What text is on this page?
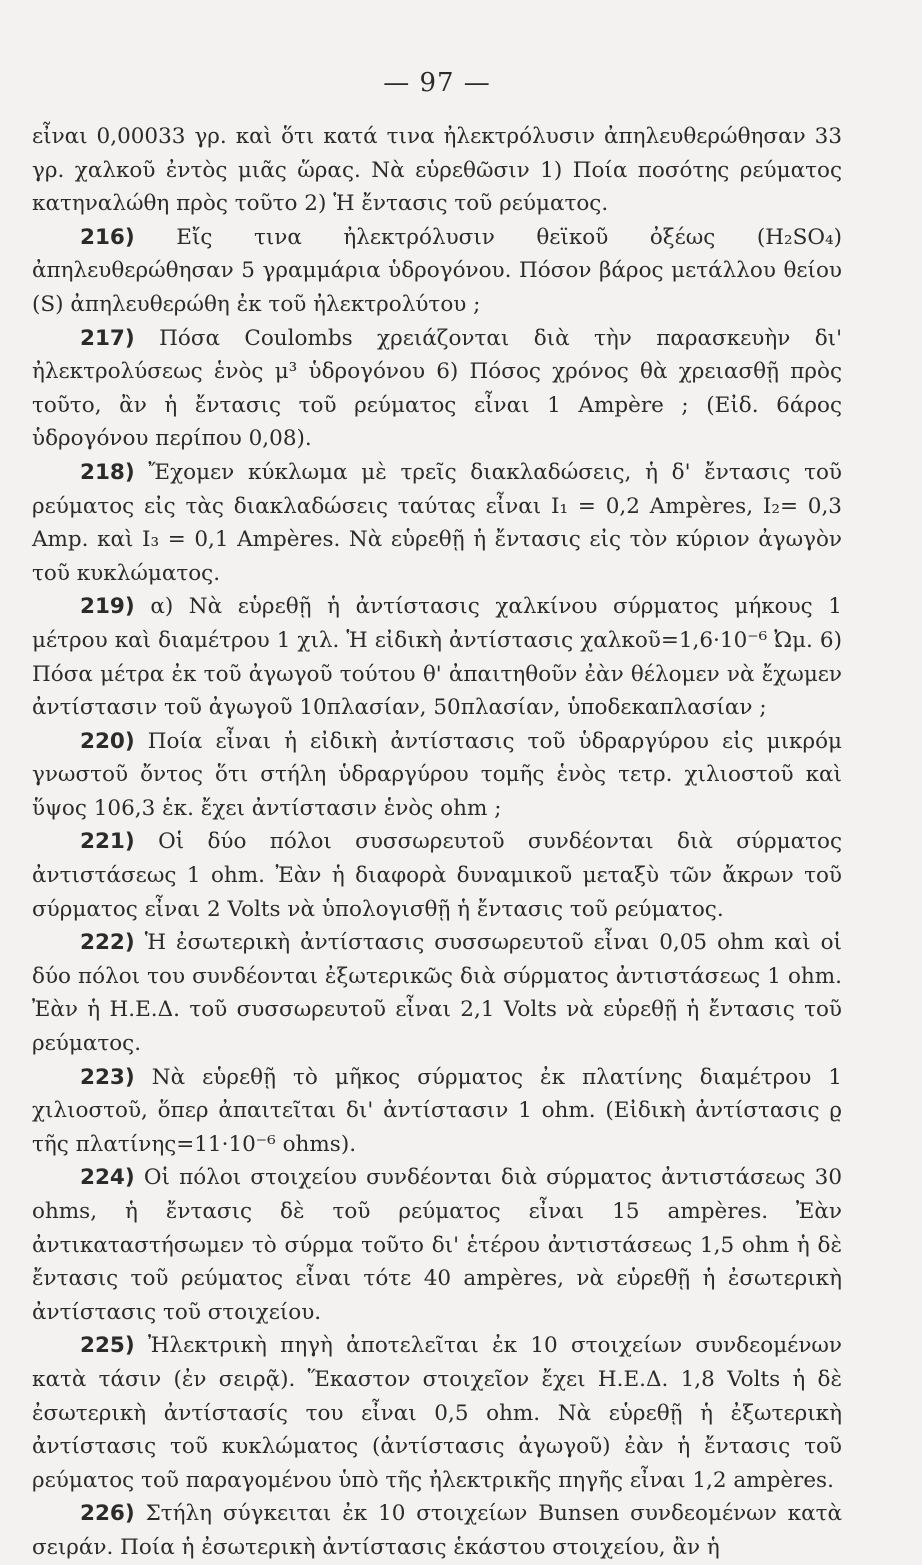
— 97 —

εἶναι 0,00033 γρ. καὶ ὅτι κατά τινα ἠλεκτρόλυσιν ἀπηλευθερώθησαν 33 γρ. χαλκοῦ ἐντὸς μιᾶς ὥρας. Νὰ εὑρεθῶσιν 1) Ποία ποσότης ρεύματος κατηναλώθη πρὸς τοῦτο 2) Ἡ ἔντασις τοῦ ρεύματος.

216) Εἴς τινα ἠλεκτρόλυσιν θεϊκοῦ ὀξέως (H₂SO₄) ἀπηλευθερώθησαν 5 γραμμάρια ὑδρογόνου. Πόσον βάρος μετάλλου θείου (S) ἀπηλευθερώθη ἐκ τοῦ ἠλεκτρολύτου ;

217) Πόσα Coulombs χρειάζονται διὰ τὴν παρασκευὴν δι' ἠλεκτρολύσεως ἑνὸς μ³ ὑδρογόνου 6) Πόσος χρόνος θὰ χρειασθῇ πρὸς τοῦτο, ἂν ἡ ἔντασις τοῦ ρεύματος εἶναι 1 Ampère ; (Εἰδ. 6άρος ὑδρογόνου περίπου 0,08).

218) Ἔχομεν κύκλωμα μὲ τρεῖς διακλαδώσεις, ἡ δ' ἔντασις τοῦ ρεύματος εἰς τὰς διακλαδώσεις ταύτας εἶναι I₁ = 0,2 Ampères, I₂= 0,3 Amp. καὶ I₃ = 0,1 Ampères. Νὰ εὑρεθῇ ἡ ἔντασις εἰς τὸν κύριον ἀγωγὸν τοῦ κυκλώματος.

219) α) Νὰ εὑρεθῇ ἡ ἀντίστασις χαλκίνου σύρματος μήκους 1 μέτρου καὶ διαμέτρου 1 χιλ. Ἡ εἰδικὴ ἀντίστασις χαλκοῦ=1,6·10⁻⁶ Ὠμ. 6) Πόσα μέτρα ἐκ τοῦ ἀγωγοῦ τούτου θ' ἀπαιτηθοῦν ἐὰν θέλομεν νὰ ἔχωμεν ἀντίστασιν τοῦ ἀγωγοῦ 10πλασίαν, 50πλασίαν, ὑποδεκαπλασίαν ;

220) Ποία εἶναι ἡ εἰδικὴ ἀντίστασις τοῦ ὑδραργύρου εἰς μικρόμ γνωστοῦ ὄντος ὅτι στήλη ὑδραργύρου τομῆς ἑνὸς τετρ. χιλιοστοῦ καὶ ὕψος 106,3 ἑκ. ἔχει ἀντίστασιν ἑνὸς ohm ;

221) Οἱ δύο πόλοι συσσωρευτοῦ συνδέονται διὰ σύρματος ἀντιστάσεως 1 ohm. Ἐὰν ἡ διαφορὰ δυναμικοῦ μεταξὺ τῶν ἄκρων τοῦ σύρματος εἶναι 2 Volts νὰ ὑπολογισθῇ ἡ ἔντασις τοῦ ρεύματος.

222) Ἡ ἐσωτερικὴ ἀντίστασις συσσωρευτοῦ εἶναι 0,05 ohm καὶ οἱ δύο πόλοι του συνδέονται ἐξωτερικῶς διὰ σύρματος ἀντιστάσεως 1 ohm. Ἐὰν ἡ Η.Ε.Δ. τοῦ συσσωρευτοῦ εἶναι 2,1 Volts νὰ εὑρεθῇ ἡ ἔντασις τοῦ ρεύματος.

223) Νὰ εὑρεθῇ τὸ μῆκος σύρματος ἐκ πλατίνης διαμέτρου 1 χιλιοστοῦ, ὅπερ ἀπαιτεῖται δι' ἀντίστασιν 1 ohm. (Εἰδικὴ ἀντίστασις ϱ τῆς πλατίνης=11·10⁻⁶ ohms).

224) Οἱ πόλοι στοιχείου συνδέονται διὰ σύρματος ἀντιστάσεως 30 ohms, ἡ ἔντασις δὲ τοῦ ρεύματος εἶναι 15 ampères. Ἐὰν ἀντικαταστήσωμεν τὸ σύρμα τοῦτο δι' ἑτέρου ἀντιστάσεως 1,5 ohm ἡ δὲ ἔντασις τοῦ ρεύματος εἶναι τότε 40 ampères, νὰ εὑρεθῇ ἡ ἐσωτερικὴ ἀντίστασις τοῦ στοιχείου.

225) Ἠλεκτρικὴ πηγὴ ἀποτελεῖται ἐκ 10 στοιχείων συνδεομένων κατὰ τάσιν (ἐν σειρᾷ). Ἕκαστον στοιχεῖον ἔχει Η.Ε.Δ. 1,8 Volts ἡ δὲ ἐσωτερικὴ ἀντίστασίς του εἶναι 0,5 ohm. Νὰ εὑρεθῇ ἡ ἐξωτερικὴ ἀντίστασις τοῦ κυκλώματος (ἀντίστασις ἀγωγοῦ) ἐὰν ἡ ἔντασις τοῦ ρεύματος τοῦ παραγομένου ὑπὸ τῆς ἠλεκτρικῆς πηγῆς εἶναι 1,2 ampères.

226) Στήλη σύγκειται ἐκ 10 στοιχείων Bunsen συνδεομένων κατὰ σειράν. Ποία ἡ ἐσωτερικὴ ἀντίστασις ἑκάστου στοιχείου, ἂν ἡ
